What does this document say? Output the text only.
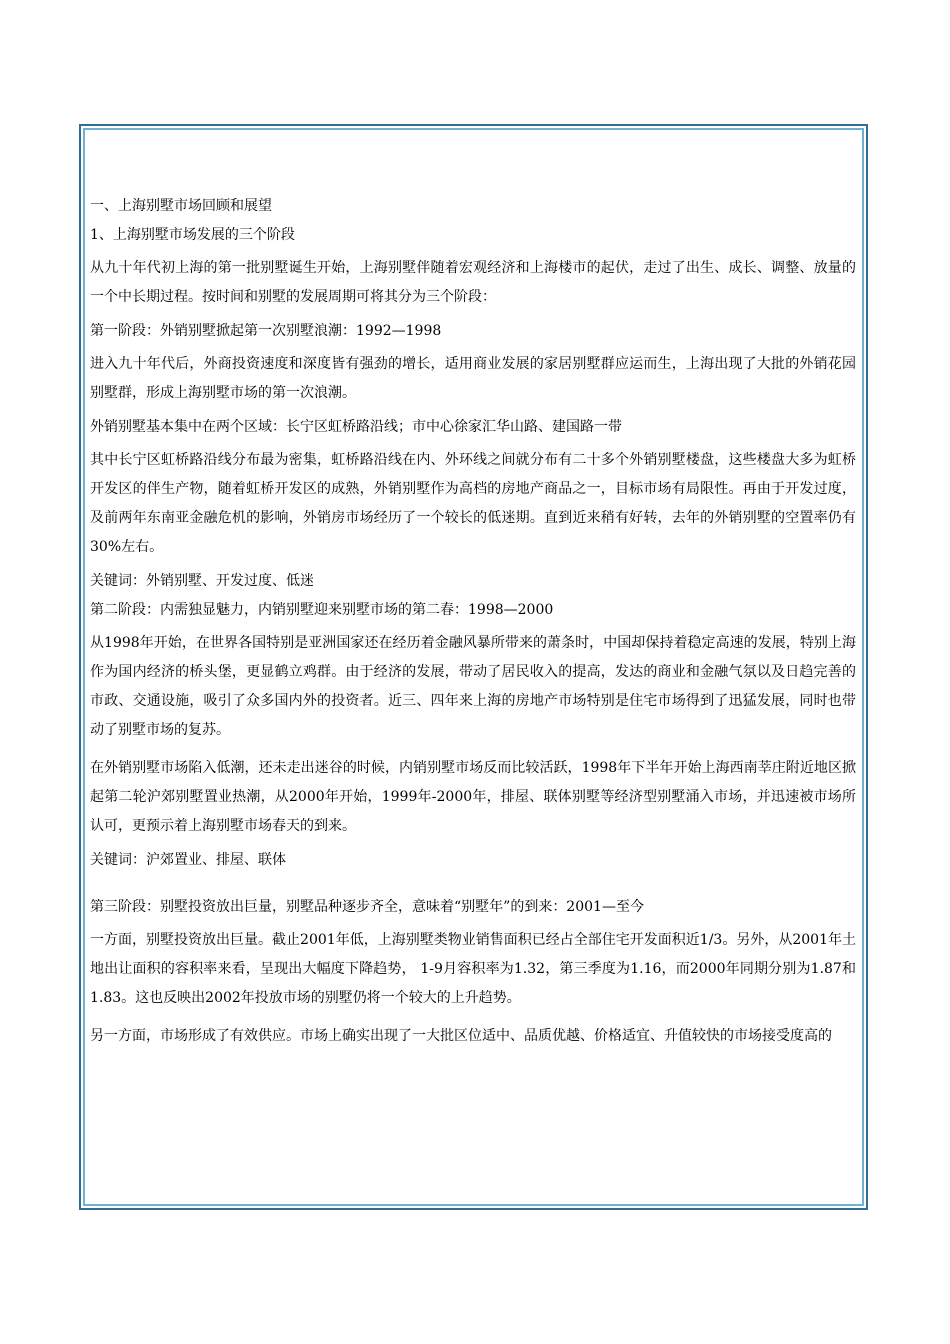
一、上海别墅市场回顾和展望
1、上海别墅市场发展的三个阶段
从九十年代初上海的第一批别墅诞生开始，上海别墅伴随着宏观经济和上海楼市的起伏，走过了出生、成长、调整、放量的一个中长期过程。按时间和别墅的发展周期可将其分为三个阶段：
第一阶段：外销别墅掀起第一次别墅浪潮：1992—1998
进入九十年代后，外商投资速度和深度皆有强劲的增长，适用商业发展的家居别墅群应运而生，上海出现了大批的外销花园别墅群，形成上海别墅市场的第一次浪潮。
外销别墅基本集中在两个区域：长宁区虹桥路沿线；市中心徐家汇华山路、建国路一带
其中长宁区虹桥路沿线分布最为密集，虹桥路沿线在内、外环线之间就分布有二十多个外销别墅楼盘，这些楼盘大多为虹桥开发区的伴生产物，随着虹桥开发区的成熟，外销别墅作为高档的房地产商品之一，目标市场有局限性。再由于开发过度，及前两年东南亚金融危机的影响，外销房市场经历了一个较长的低迷期。直到近来稍有好转，去年的外销别墅的空置率仍有30%左右。
关键词：外销别墅、开发过度、低迷
第二阶段：内需独显魅力，内销别墅迎来别墅市场的第二春：1998—2000
从1998年开始，在世界各国特别是亚洲国家还在经历着金融风暴所带来的萧条时，中国却保持着稳定高速的发展，特别上海作为国内经济的桥头堡，更显鹤立鸡群。由于经济的发展，带动了居民收入的提高，发达的商业和金融气氛以及日趋完善的市政、交通设施，吸引了众多国内外的投资者。近三、四年来上海的房地产市场特别是住宅市场得到了迅猛发展，同时也带动了别墅市场的复苏。
在外销别墅市场陷入低潮，还未走出迷谷的时候，内销别墅市场反而比较活跃，1998年下半年开始上海西南莘庄附近地区掀起第二轮沪郊别墅置业热潮，从2000年开始，1999年-2000年，排屋、联体别墅等经济型别墅涌入市场，并迅速被市场所认可，更预示着上海别墅市场春天的到来。
关键词：沪郊置业、排屋、联体
第三阶段：别墅投资放出巨量，别墅品种逐步齐全，意味着“别墅年”的到来：2001—至今
一方面，别墅投资放出巨量。截止2001年低，上海别墅类物业销售面积已经占全部住宅开发面积近1/3。另外，从2001年土地出让面积的容积率来看，呈现出大幅度下降趋势， 1-9月容积率为1.32，第三季度为1.16，而2000年同期分别为1.87和1.83。这也反映出2002年投放市场的别墅仍将一个较大的上升趋势。
另一方面，市场形成了有效供应。市场上确实出现了一大批区位适中、品质优越、价格适宜、升值较快的市场接受度高的
